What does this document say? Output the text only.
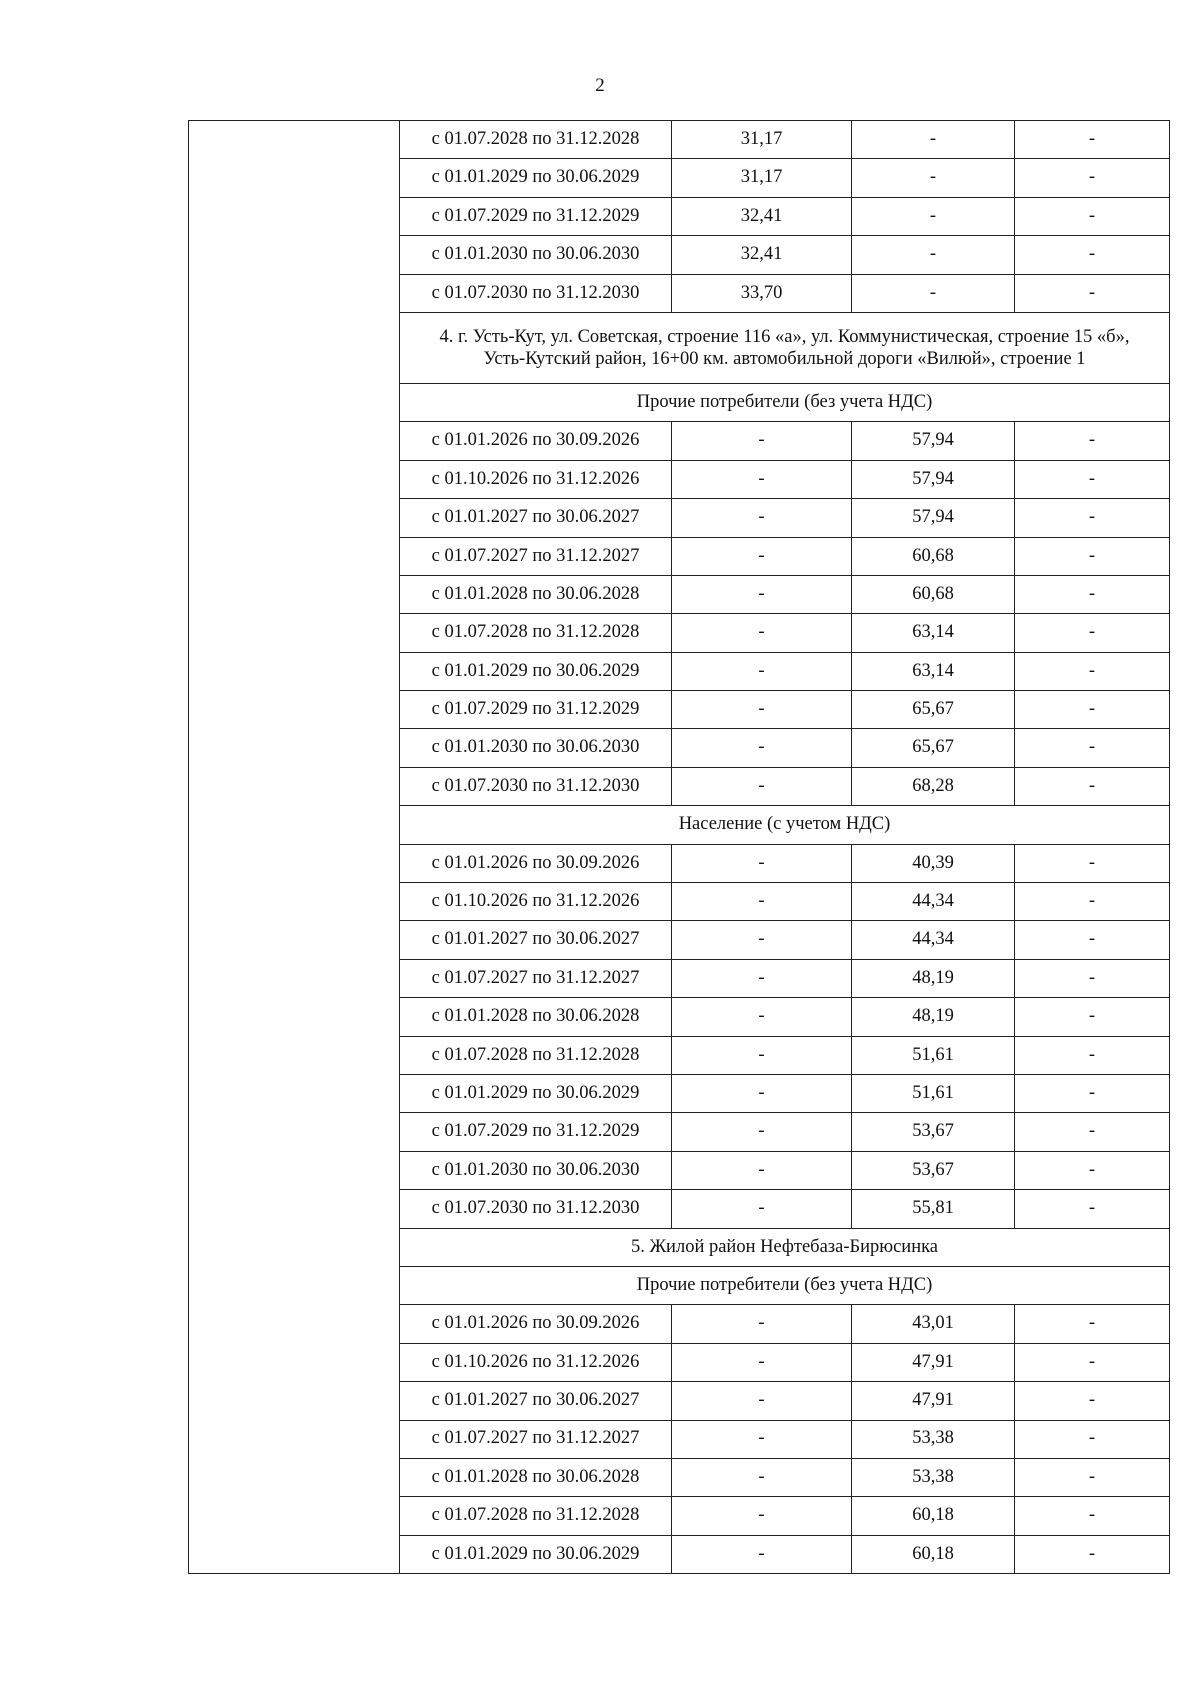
2
	с 01.07.2028 по 31.12.2028	31,17	-	-
	с 01.01.2029 по 30.06.2029	31,17	-	-
	с 01.07.2029 по 31.12.2029	32,41	-	-
	с 01.01.2030 по 30.06.2030	32,41	-	-
	с 01.07.2030 по 31.12.2030	33,70	-	-
	4. г. Усть-Кут, ул. Советская, строение 116 «а», ул. Коммунистическая, строение 15 «б», Усть-Кутский район, 16+00 км. автомобильной дороги «Вилюй», строение 1			
	Прочие потребители (без учета НДС)			
	с 01.01.2026 по 30.09.2026	-	57,94	-
	с 01.10.2026 по 31.12.2026	-	57,94	-
	с 01.01.2027 по 30.06.2027	-	57,94	-
	с 01.07.2027 по 31.12.2027	-	60,68	-
	с 01.01.2028 по 30.06.2028	-	60,68	-
	с 01.07.2028 по 31.12.2028	-	63,14	-
	с 01.01.2029 по 30.06.2029	-	63,14	-
	с 01.07.2029 по 31.12.2029	-	65,67	-
	с 01.01.2030 по 30.06.2030	-	65,67	-
	с 01.07.2030 по 31.12.2030	-	68,28	-
	Население (с учетом НДС)			
	с 01.01.2026 по 30.09.2026	-	40,39	-
	с 01.10.2026 по 31.12.2026	-	44,34	-
	с 01.01.2027 по 30.06.2027	-	44,34	-
	с 01.07.2027 по 31.12.2027	-	48,19	-
	с 01.01.2028 по 30.06.2028	-	48,19	-
	с 01.07.2028 по 31.12.2028	-	51,61	-
	с 01.01.2029 по 30.06.2029	-	51,61	-
	с 01.07.2029 по 31.12.2029	-	53,67	-
	с 01.01.2030 по 30.06.2030	-	53,67	-
	с 01.07.2030 по 31.12.2030	-	55,81	-
	5. Жилой район Нефтебаза-Бирюсинка			
	Прочие потребители (без учета НДС)			
	с 01.01.2026 по 30.09.2026	-	43,01	-
	с 01.10.2026 по 31.12.2026	-	47,91	-
	с 01.01.2027 по 30.06.2027	-	47,91	-
	с 01.07.2027 по 31.12.2027	-	53,38	-
	с 01.01.2028 по 30.06.2028	-	53,38	-
	с 01.07.2028 по 31.12.2028	-	60,18	-
	с 01.01.2029 по 30.06.2029	-	60,18	-
